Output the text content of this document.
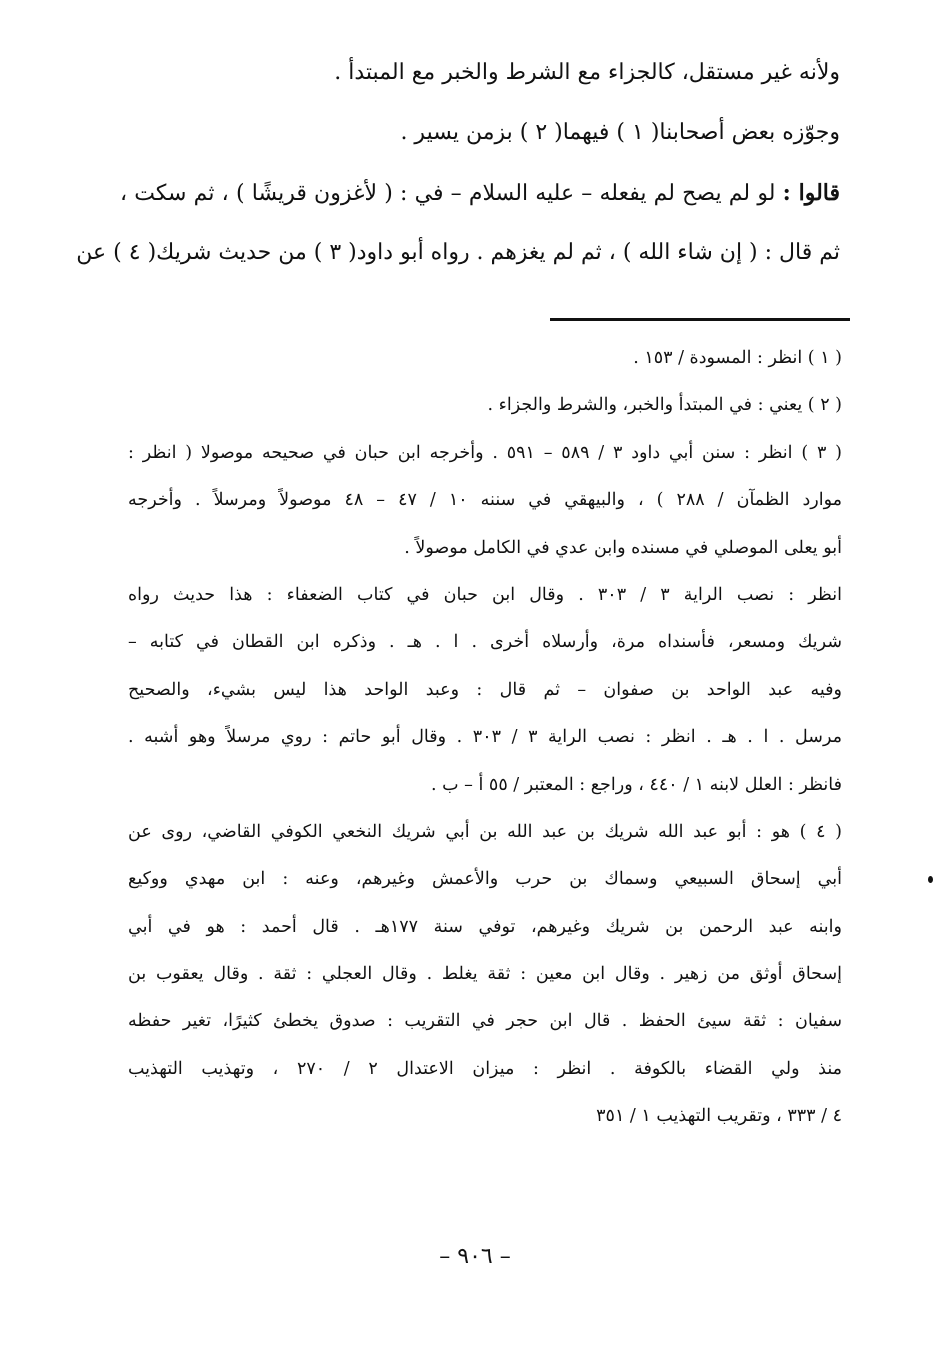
ولأنه غير مستقل، كالجزاء مع الشرط والخبر مع المبتدأ .

وجوّزه بعض أصحابنا( ١ ) فيهما( ٢ ) بزمن يسير .

قالوا : لو لم يصح لم يفعله – عليه السلام – في : ( لأغزون قريشًا ) ، ثم سكت ،

ثم قال : ( إن شاء الله ) ، ثم لم يغزهم . رواه أبو داود( ٣ ) من حديث شريك( ٤ ) عن

( ١ ) انظر : المسودة / ١٥٣ .
( ٢ ) يعني : في المبتدأ والخبر، والشرط والجزاء .
( ٣ ) انظر : سنن أبي داود ٣ / ٥٨٩ – ٥٩١ . وأخرجه ابن حبان في صحيحه موصولا ( انظر :
موارد الظمآن / ٢٨٨ ) ، والبيهقي في سننه ١٠ / ٤٧ – ٤٨ موصولاً ومرسلاً . وأخرجه
أبو يعلى الموصلي في مسنده وابن عدي في الكامل موصولاً .
انظر : نصب الراية ٣ / ٣٠٣ . وقال ابن حبان في كتاب الضعفاء : هذا حديث رواه
شريك ومسعر، فأسنداه مرة، وأرسلاه أخرى . ا . هـ . وذكره ابن القطان في كتابه –
وفيه عبد الواحد بن صفوان – ثم قال : وعبد الواحد هذا ليس بشيء، والصحيح
مرسل . ا . هـ . انظر : نصب الراية ٣ / ٣٠٣ . وقال أبو حاتم : روي مرسلاً وهو أشبه .
فانظر : العلل لابنه ١ / ٤٤٠ ، وراجع : المعتبر / ٥٥ أ – ب .
( ٤ ) هو : أبو عبد الله شريك بن عبد الله بن أبي شريك النخعي الكوفي القاضي، روى عن
أبي إسحاق السبيعي وسماك بن حرب والأعمش وغيرهم، وعنه : ابن مهدي ووكيع
وابنه عبد الرحمن بن شريك وغيرهم، توفي سنة ١٧٧هـ . قال أحمد : هو في أبي
إسحاق أوثق من زهير . وقال ابن معين : ثقة يغلط . وقال العجلي : ثقة . وقال يعقوب بن
سفيان : ثقة سيئ الحفظ . قال ابن حجر في التقريب : صدوق يخطئ كثيرًا، تغير حفظه
منذ ولي القضاء بالكوفة . انظر : ميزان الاعتدال ٢ / ٢٧٠ ، وتهذيب التهذيب
٤ / ٣٣٣ ، وتقريب التهذيب ١ / ٣٥١
– ٩٠٦ –
